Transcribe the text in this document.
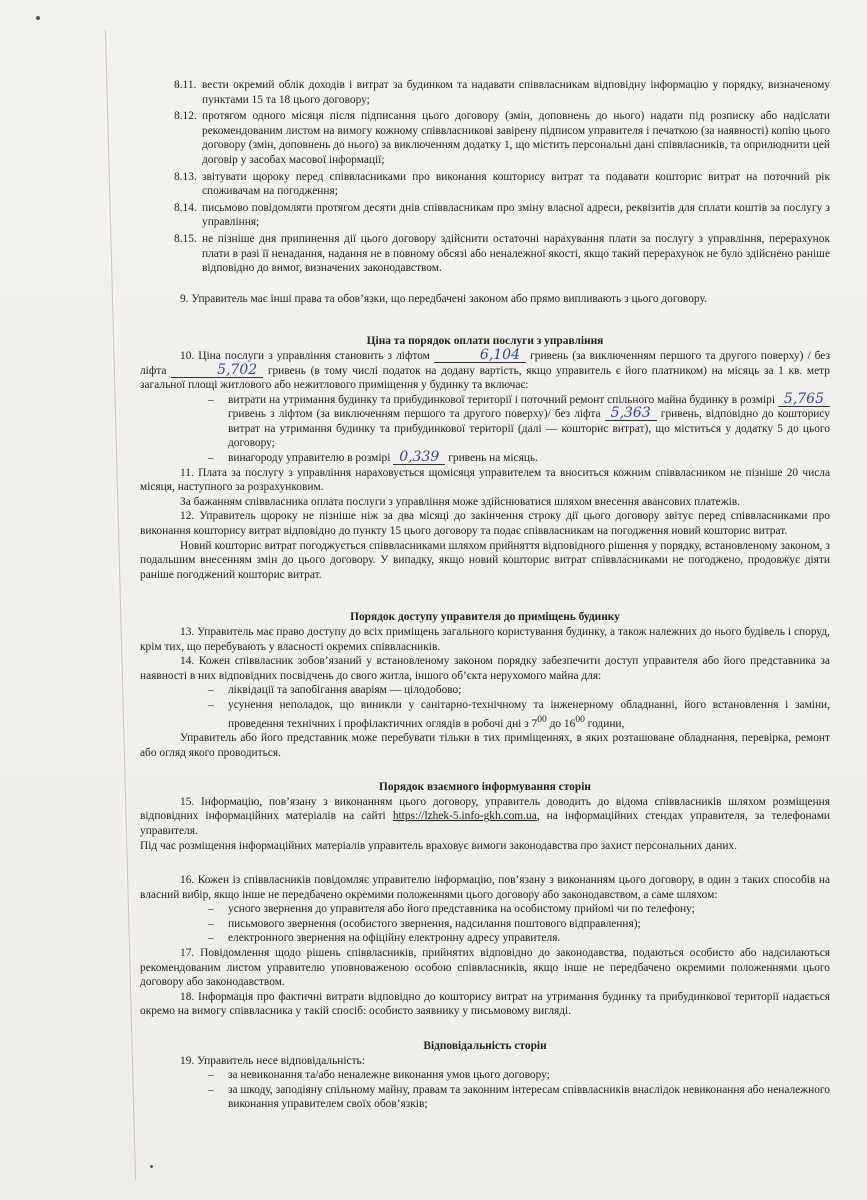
8.11. вести окремий облік доходів і витрат за будинком та надавати співвласникам відповідну інформацію у порядку, визначеному пунктами 15 та 18 цього договору;
8.12. протягом одного місяця після підписання цього договору (змін, доповнень до нього) надати під розписку або надіслати рекомендованим листом на вимогу кожному співвласникові завірену підписом управителя і печаткою (за наявності) копію цього договору (змін, доповнень до нього) за виключенням додатку 1, що містить персональні дані співвласників, та оприлюднити цей договір у засобах масової інформації;
8.13. звітувати щороку перед співвласниками про виконання кошторису витрат та подавати кошторис витрат на поточний рік споживачам на погодження;
8.14. письмово повідомляти протягом десяти днів співвласникам про зміну власної адреси, реквізитів для сплати коштів за послугу з управління;
8.15. не пізніше дня припинення дії цього договору здійснити остаточні нарахування плати за послугу з управління, перерахунок плати в разі її ненадання, надання не в повному обсязі або неналежної якості, якщо такий перерахунок не було здійснено раніше відповідно до вимог, визначених законодавством.

9. Управитель має інші права та обов’язки, що передбачені законом або прямо випливають з цього договору.

Ціна та порядок оплати послуги з управління

10. Ціна послуги з управління становить з ліфтом	6,104 гривень (за виключенням першого та другого поверху) / без ліфта	5,702 гривень (в тому числі податок на додану вартість, якщо управитель є його платником) на місяць за 1 кв. метр загальної площі житлового або нежитлового приміщення у будинку та включає:

– витрати на утримання будинку та прибудинкової території і поточний ремонт спільного майна будинку в розмірі 5,765 гривень з ліфтом (за виключенням першого та другого поверху)/ без ліфта 5,363 гривень, відповідно до кошторису витрат на утримання будинку та прибудинкової території (далі — кошторис витрат), що міститься у додатку 5 до цього договору;
– винагороду управителю в розмірі 0,339 гривень на місяць.

11. Плата за послугу з управління нараховується щомісяця управителем та вноситься кожним співвласником не пізніше 20 числа місяця, наступного за розрахунковим.

За бажанням співвласника оплата послуги з управління може здійснюватися шляхом внесення авансових платежів.

12. Управитель щороку не пізніше ніж за два місяці до закінчення строку дії цього договору звітує перед співвласниками про виконання кошторису витрат відповідно до пункту 15 цього договору та подає співвласникам на погодження новий кошторис витрат.

Новий кошторис витрат погоджується співвласниками шляхом прийняття відповідного рішення у порядку, встановленому законом, з подальшим внесенням змін до цього договору. У випадку, якщо новий кошторис витрат співвласниками не погоджено, продовжує діяти раніше погоджений кошторис витрат.

Порядок доступу управителя до приміщень будинку

13. Управитель має право доступу до всіх приміщень загального користування будинку, а також належних до нього будівель і споруд, крім тих, що перебувають у власності окремих співвласників.

14. Кожен співвласник зобов’язаний у встановленому законом порядку забезпечити доступ управителя або його представника за наявності в них відповідних посвідчень до свого житла, іншого об’єкта нерухомого майна для:

– ліквідації та запобігання аваріям — цілодобово;
– усунення неполадок, що виникли у санітарно-технічному та інженерному обладнанні, його встановлення і заміни, проведення технічних і профілактичних оглядів в робочі дні з $7^{00}$ до $16^{00}$ години,

Управитель або його представник може перебувати тільки в тих приміщеннях, в яких розташоване обладнання, перевірка, ремонт або огляд якого проводиться.

Порядок взаємного інформування сторін

15. Інформацію, пов’язану з виконанням цього договору, управитель доводить до відома співвласників шляхом розміщення відповідних інформаційних матеріалів на сайті https://lzhek-5.info-gkh.com.ua, на інформаційних стендах управителя, за телефонами управителя.

Під час розміщення інформаційних матеріалів управитель враховує вимоги законодавства про захист персональних даних.

16. Кожен із співвласників повідомляє управителю інформацію, пов’язану з виконанням цього договору, в один з таких способів на власний вибір, якщо інше не передбачено окремими положеннями цього договору або законодавством, а саме шляхом:

– усного звернення до управителя або його представника на особистому прийомі чи по телефону;
– письмового звернення (особистого звернення, надсилання поштового відправлення);
– електронного звернення на офіційну електронну адресу управителя.

17. Повідомлення щодо рішень співвласників, прийнятих відповідно до законодавства, подаються особисто або надсилаються рекомендованим листом управителю уповноваженою особою співвласників, якщо інше не передбачено окремими положеннями цього договору або законодавством.

18. Інформація про фактичні витрати відповідно до кошторису витрат на утримання будинку та прибудинкової території надається окремо на вимогу співвласника у такій спосіб: особисто заявнику у письмовому вигляді.

Відповідальність сторін

19. Управитель несе відповідальність:

– за невиконання та/або неналежне виконання умов цього договору;
– за шкоду, заподіяну спільному майну, правам та законним інтересам співвласників внаслідок невиконання або неналежного виконання управителем своїх обов’язків;
